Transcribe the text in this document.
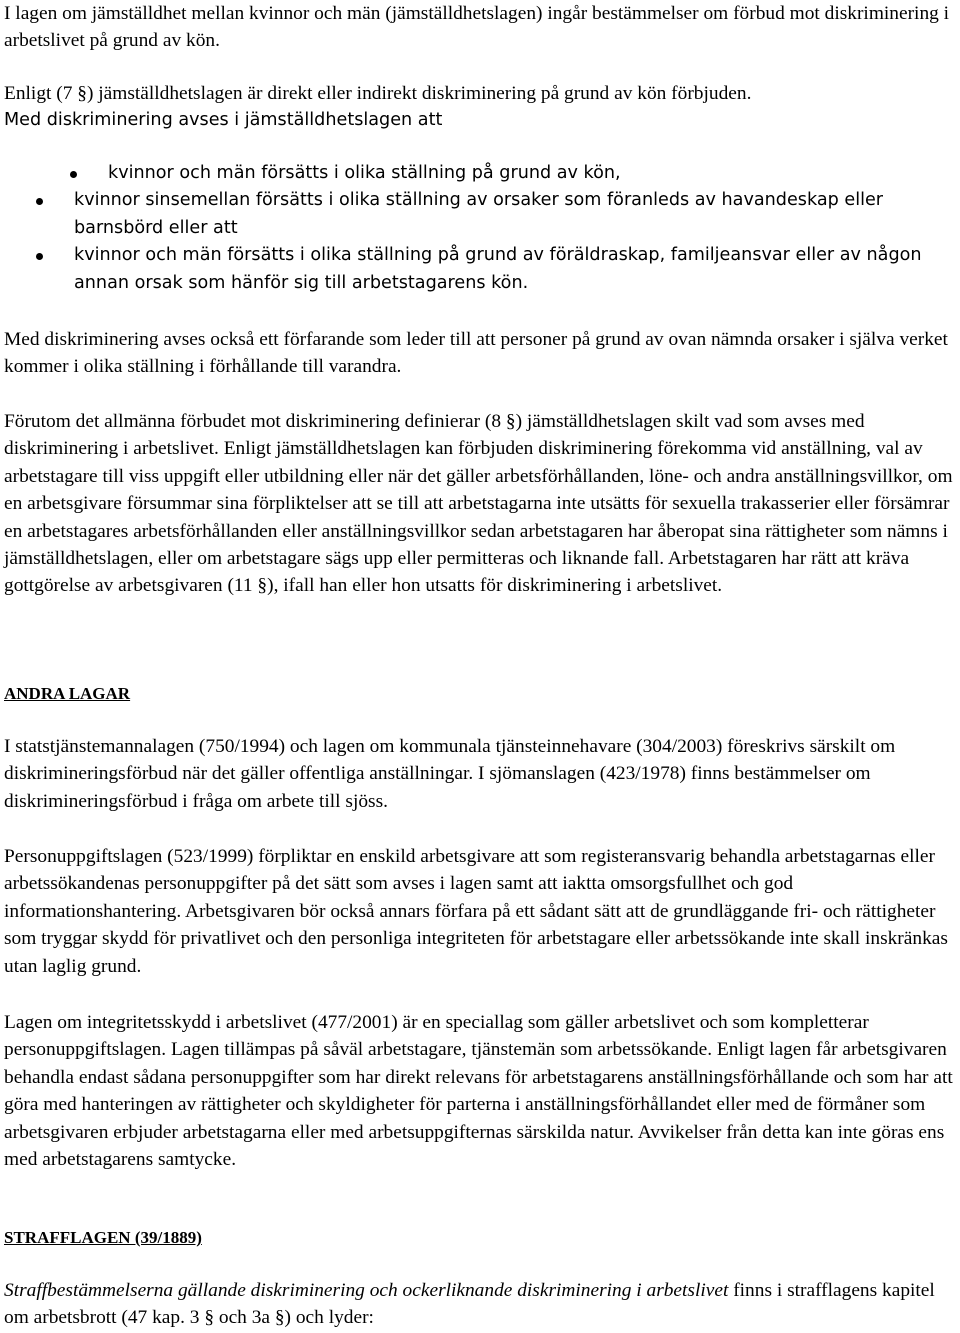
I lagen om jämställdhet mellan kvinnor och män (jämställdhetslagen) ingår bestämmelser om förbud mot diskriminering i arbetslivet på grund av kön.

Enligt (7 §) jämställdhetslagen är direkt eller indirekt diskriminering på grund av kön förbjuden.
Med diskriminering avses i jämställdhetslagen att

kvinnor och män försätts i olika ställning på grund av kön,
kvinnor sinsemellan försätts i olika ställning av orsaker som föranleds av havandeskap eller barnsbörd eller att
kvinnor och män försätts i olika ställning på grund av föräldraskap, familjeansvar eller av någon annan orsak som hänför sig till arbetstagarens kön.

Med diskriminering avses också ett förfarande som leder till att personer på grund av ovan nämnda orsaker i själva verket kommer i olika ställning i förhållande till varandra.

Förutom det allmänna förbudet mot diskriminering definierar (8 §) jämställdhetslagen skilt vad som avses med diskriminering i arbetslivet. Enligt jämställdhetslagen kan förbjuden diskriminering förekomma vid anställning, val av arbetstagare till viss uppgift eller utbildning eller när det gäller arbetsförhållanden, löne- och andra anställningsvillkor, om en arbetsgivare försummar sina förpliktelser att se till att arbetstagarna inte utsätts för sexuella trakasserier eller försämrar en arbetstagares arbetsförhållanden eller anställningsvillkor sedan arbetstagaren har åberopat sina rättigheter som nämns i jämställdhetslagen, eller om arbetstagare sägs upp eller permitteras och liknande fall. Arbetstagaren har rätt att kräva gottgörelse av arbetsgivaren (11 §), ifall han eller hon utsatts för diskriminering i arbetslivet.

ANDRA LAGAR

I statstjänstemannalagen (750/1994) och lagen om kommunala tjänsteinnehavare (304/2003) föreskrivs särskilt om diskrimineringsförbud när det gäller offentliga anställningar. I sjömanslagen (423/1978) finns bestämmelser om diskrimineringsförbud i fråga om arbete till sjöss.

Personuppgiftslagen (523/1999) förpliktar en enskild arbetsgivare att som registeransvarig behandla arbetstagarnas eller arbetssökandenas personuppgifter på det sätt som avses i lagen samt att iaktta omsorgsfullhet och god informationshantering. Arbetsgivaren bör också annars förfara på ett sådant sätt att de grundläggande fri- och rättigheter som tryggar skydd för privatlivet och den personliga integriteten för arbetstagare eller arbetssökande inte skall inskränkas utan laglig grund.

Lagen om integritetsskydd i arbetslivet (477/2001) är en speciallag som gäller arbetslivet och som kompletterar personuppgiftslagen. Lagen tillämpas på såväl arbetstagare, tjänstemän som arbetssökande. Enligt lagen får arbetsgivaren behandla endast sådana personuppgifter som har direkt relevans för arbetstagarens anställningsförhållande och som har att göra med hanteringen av rättigheter och skyldigheter för parterna i anställningsförhållandet eller med de förmåner som arbetsgivaren erbjuder arbetstagarna eller med arbetsuppgifternas särskilda natur. Avvikelser från detta kan inte göras ens med arbetstagarens samtycke.

STRAFFLAGEN (39/1889)

Straffbestämmelserna gällande diskriminering och ockerliknande diskriminering i arbetslivet finns i strafflagens kapitel om arbetsbrott (47 kap. 3 § och 3a §) och lyder:
